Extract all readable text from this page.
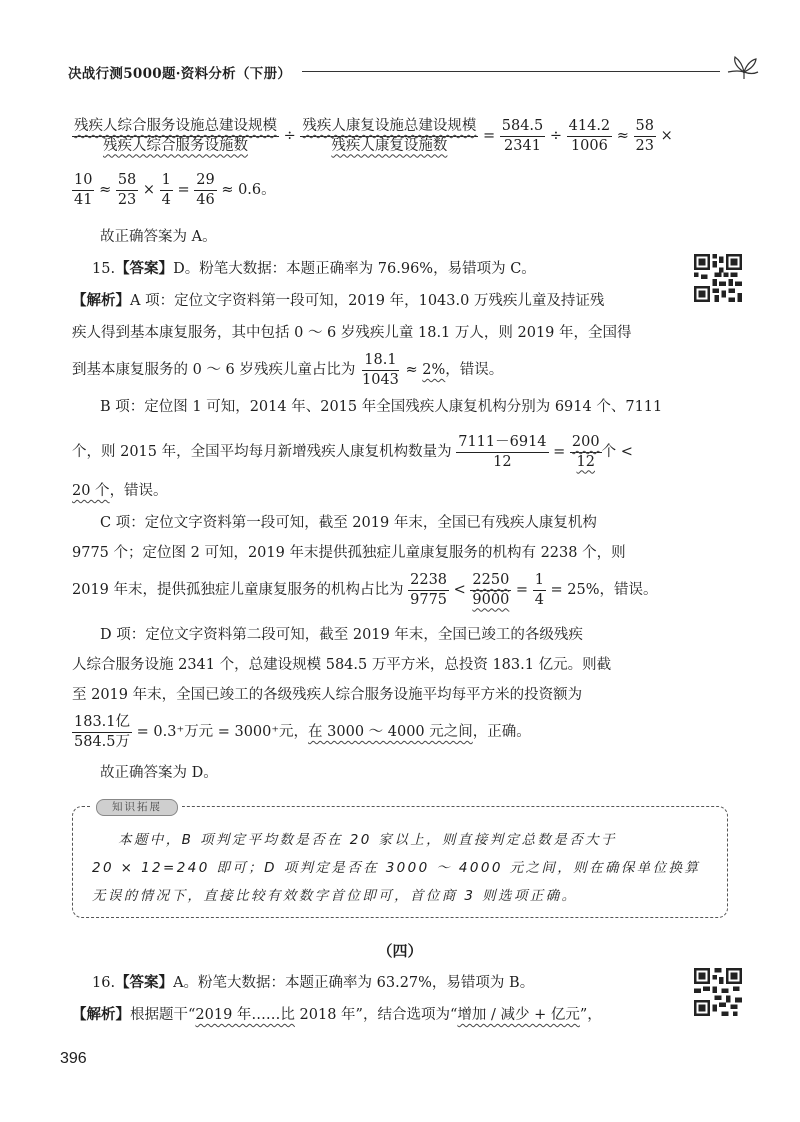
决战行测5000题·资料分析（下册）
$\frac{\text{残疾人综合服务设施总建设规模}}{\text{残疾人综合服务设施数}} \div \frac{\text{残疾人康复设施总建设规模}}{\text{残疾人康复设施数}} = \frac{584.5}{2341} \div \frac{414.2}{1006} \approx \frac{58}{23}$ ×
$\frac{10}{41} \approx \frac{58}{23} \times \frac{1}{4} = \frac{29}{46} \approx 0.6$。
故正确答案为 A。
15.【答案】D。粉笔大数据：本题正确率为 76.96%，易错项为 C。
【解析】A 项：定位文字资料第一段可知，2019 年，1043.0 万残疾儿童及持证残
疾人得到基本康复服务，其中包括 0 ～ 6 岁残疾儿童 18.1 万人，则 2019 年，全国得
到基本康复服务的 0 ～ 6 岁残疾儿童占比为 $\frac{18.1}{1043} \approx 2\%$，错误。
B 项：定位图 1 可知，2014 年、2015 年全国残疾人康复机构分别为 6914 个、7111
个，则 2015 年，全国平均每月新增残疾人康复机构数量为 $\frac{7111-6914}{12} = \frac{200}{12}$ 个 <
20 个，错误。
C 项：定位文字资料第一段可知，截至 2019 年末，全国已有残疾人康复机构
9775 个；定位图 2 可知，2019 年末提供孤独症儿童康复服务的机构有 2238 个，则
2019 年末，提供孤独症儿童康复服务的机构占比为 $\frac{2238}{9775} < \frac{2250}{9000} = \frac{1}{4} = 25\%$，错误。
D 项：定位文字资料第二段可知，截至 2019 年末，全国已竣工的各级残疾
人综合服务设施 2341 个，总建设规模 584.5 万平方米，总投资 183.1 亿元。则截
至 2019 年末，全国已竣工的各级残疾人综合服务设施平均每平方米的投资额为
$\frac{\text{183.1亿}}{\text{584.5万}} = 0.3^+$万元 = 3000⁺元，在 3000 ～ 4000 元之间，正确。
故正确答案为 D。
知识拓展
本题中，B 项判定平均数是否在 20 家以上，则直接判定总数是否大于
20 × 12=240 即可；D 项判定是否在 3000 ～ 4000 元之间，则在确保单位换算
无误的情况下，直接比较有效数字首位即可，首位商 3 则选项正确。
（四）
16.【答案】A。粉笔大数据：本题正确率为 63.27%，易错项为 B。
【解析】根据题干“2019 年……比 2018 年”，结合选项为“增加 / 减少 + 亿元”，
396
